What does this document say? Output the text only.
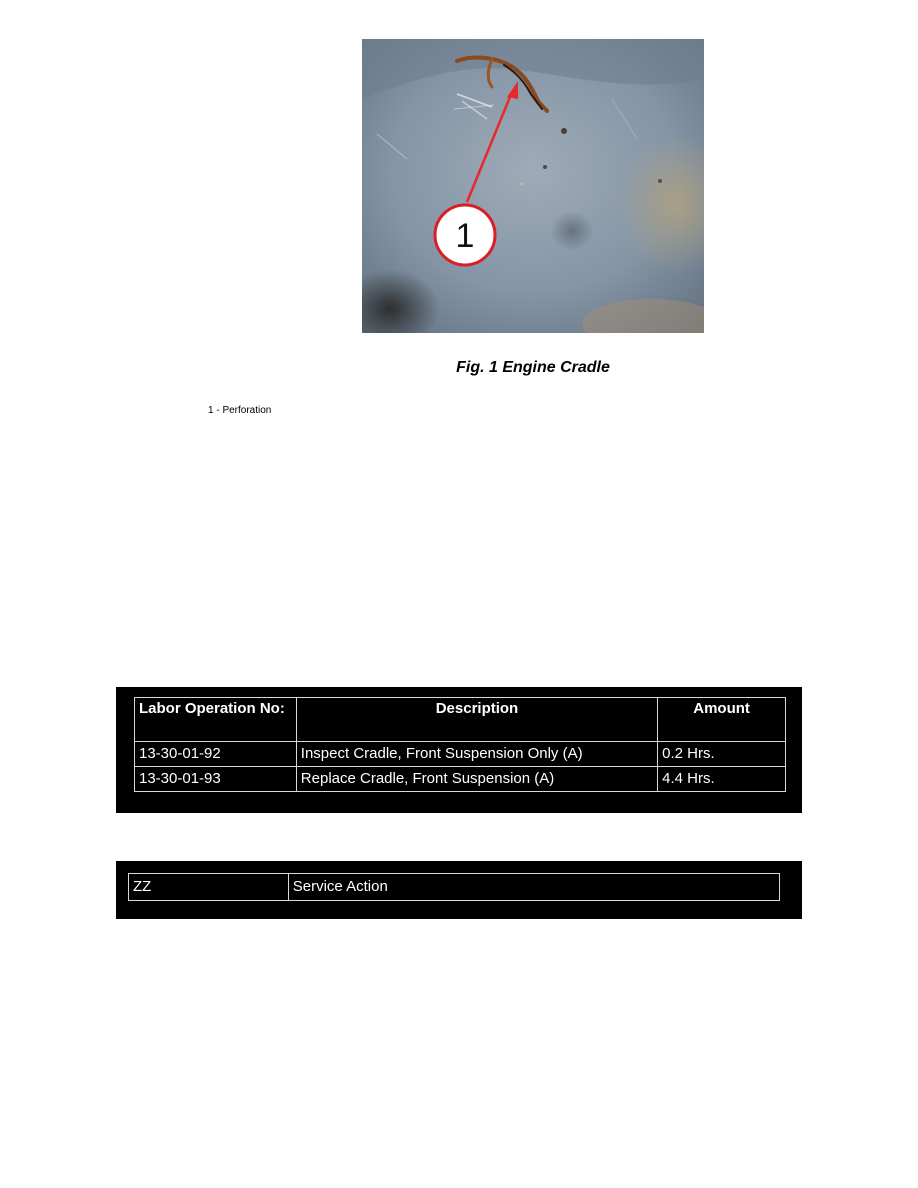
1
Fig. 1 Engine Cradle
1 - Perforation
Labor Operation No:	Description	Amount
13-30-01-92	Inspect Cradle, Front Suspension Only (A)	0.2 Hrs.
13-30-01-93	Replace Cradle, Front Suspension (A)	4.4 Hrs.
ZZ	Service Action
